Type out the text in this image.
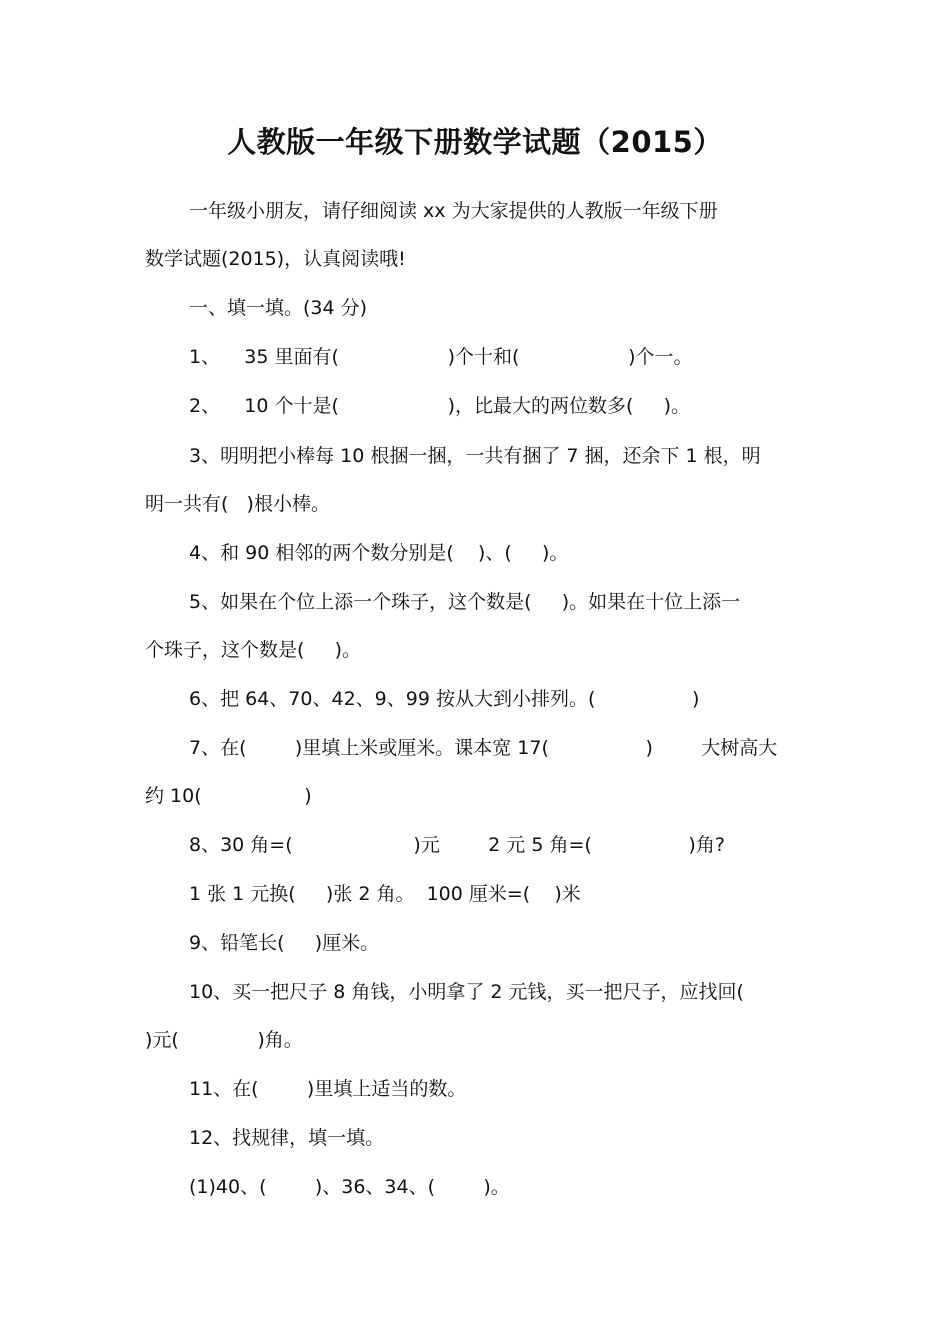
人教版一年级下册数学试题（2015）
一年级小朋友，请仔细阅读 xx 为大家提供的人教版一年级下册
数学试题(2015)，认真阅读哦!
一、填一填。(34 分)
1、    35 里面有(                  )个十和(                  )个一。
2、    10 个十是(                  )，比最大的两位数多(     )。
3、明明把小棒每 10 根捆一捆，一共有捆了 7 捆，还余下 1 根，明
明一共有(   )根小棒。
4、和 90 相邻的两个数分别是(    )、(     )。
5、如果在个位上添一个珠子，这个数是(     )。如果在十位上添一
个珠子，这个数是(     )。
6、把 64、70、42、9、99 按从大到小排列。(                )
7、在(        )里填上米或厘米。课本宽 17(                )        大树高大
约 10(                 )
8、30 角=(                    )元        2 元 5 角=(                )角?
1 张 1 元换(     )张 2 角。  100 厘米=(    )米
9、铅笔长(     )厘米。
10、买一把尺子 8 角钱，小明拿了 2 元钱，买一把尺子，应找回(
)元(             )角。
11、在(        )里填上适当的数。
12、找规律，填一填。
(1)40、(        )、36、34、(        )。
